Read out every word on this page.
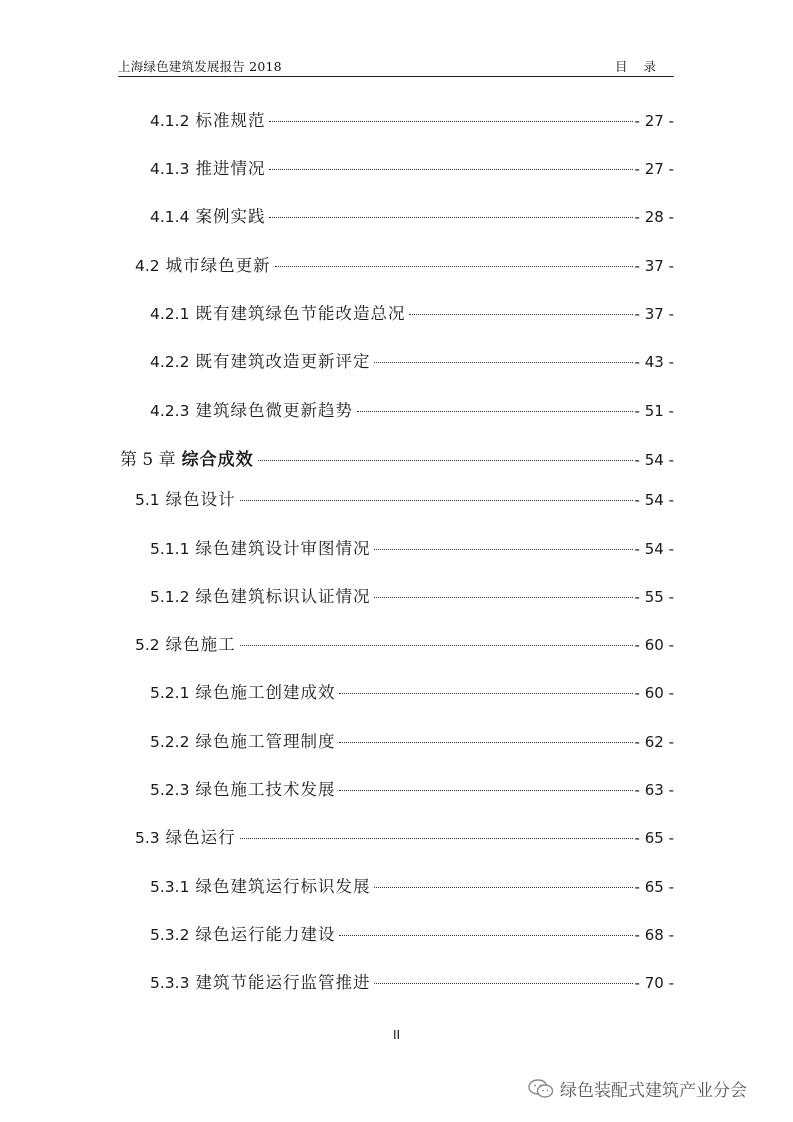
上海绿色建筑发展报告 2018	目 录
4.1.2 标准规范	- 27 -
4.1.3 推进情况	- 27 -
4.1.4 案例实践	- 28 -
4.2 城市绿色更新	- 37 -
4.2.1 既有建筑绿色节能改造总况	- 37 -
4.2.2 既有建筑改造更新评定	- 43 -
4.2.3 建筑绿色微更新趋势	- 51 -
第 5 章 综合成效	- 54 -
5.1 绿色设计	- 54 -
5.1.1 绿色建筑设计审图情况	- 54 -
5.1.2 绿色建筑标识认证情况	- 55 -
5.2 绿色施工	- 60 -
5.2.1 绿色施工创建成效	- 60 -
5.2.2 绿色施工管理制度	- 62 -
5.2.3 绿色施工技术发展	- 63 -
5.3 绿色运行	- 65 -
5.3.1 绿色建筑运行标识发展	- 65 -
5.3.2 绿色运行能力建设	- 68 -
5.3.3 建筑节能运行监管推进	- 70 -
II
绿色装配式建筑产业分会
